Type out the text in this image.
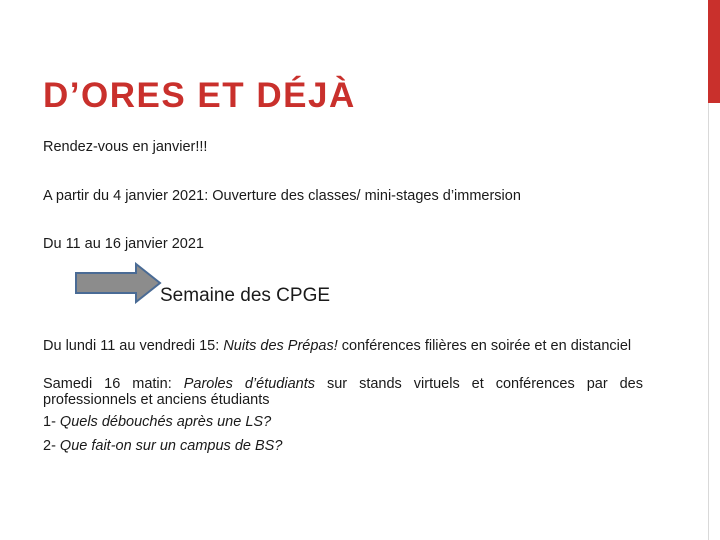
D’ORES ET DÉJÀ

Rendez-vous en janvier!!!

A partir du 4 janvier 2021: Ouverture des classes/ mini-stages d’immersion

Du 11 au 16 janvier 2021

Semaine des CPGE

Du lundi 11 au vendredi 15: Nuits des Prépas! conférences filières en soirée et en distanciel

Samedi 16 matin: Paroles d’étudiants sur stands virtuels et conférences par des professionnels et anciens étudiants

1- Quels débouchés après une LS?

2- Que fait-on sur un campus de BS?
